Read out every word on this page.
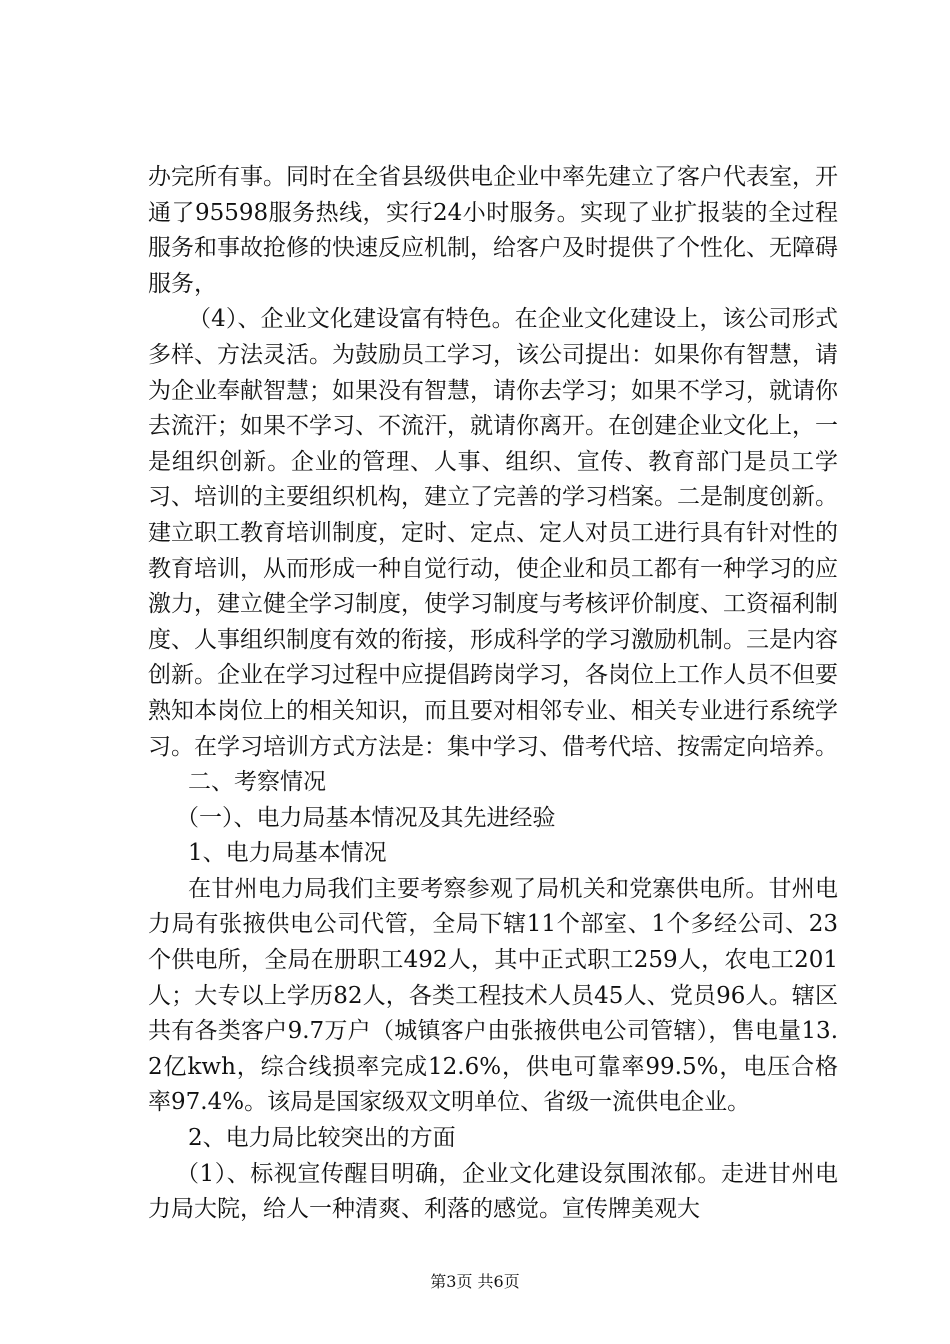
办完所有事。同时在全省县级供电企业中率先建立了客户代表室，开通了95598服务热线，实行24小时服务。实现了业扩报装的全过程服务和事故抢修的快速反应机制，给客户及时提供了个性化、无障碍服务，

（4）、企业文化建设富有特色。在企业文化建设上，该公司形式多样、方法灵活。为鼓励员工学习，该公司提出：如果你有智慧，请为企业奉献智慧；如果没有智慧，请你去学习；如果不学习，就请你去流汗；如果不学习、不流汗，就请你离开。在创建企业文化上，一是组织创新。企业的管理、人事、组织、宣传、教育部门是员工学习、培训的主要组织机构，建立了完善的学习档案。二是制度创新。建立职工教育培训制度，定时、定点、定人对员工进行具有针对性的教育培训，从而形成一种自觉行动，使企业和员工都有一种学习的应激力，建立健全学习制度，使学习制度与考核评价制度、工资福利制度、人事组织制度有效的衔接，形成科学的学习激励机制。三是内容创新。企业在学习过程中应提倡跨岗学习，各岗位上工作人员不但要熟知本岗位上的相关知识，而且要对相邻专业、相关专业进行系统学习。在学习培训方式方法是：集中学习、借考代培、按需定向培养。

二、考察情况

（一）、电力局基本情况及其先进经验

1、电力局基本情况

在甘州电力局我们主要考察参观了局机关和党寨供电所。甘州电力局有张掖供电公司代管，全局下辖11个部室、1个多经公司、23个供电所，全局在册职工492人，其中正式职工259人，农电工201人；大专以上学历82人，各类工程技术人员45人、党员96人。辖区共有各类客户9.7万户（城镇客户由张掖供电公司管辖），售电量13.2亿kwh，综合线损率完成12.6%，供电可靠率99.5%，电压合格率97.4%。该局是国家级双文明单位、省级一流供电企业。

2、电力局比较突出的方面

（1）、标视宣传醒目明确，企业文化建设氛围浓郁。走进甘州电力局大院，给人一种清爽、利落的感觉。宣传牌美观大

第3页 共6页
